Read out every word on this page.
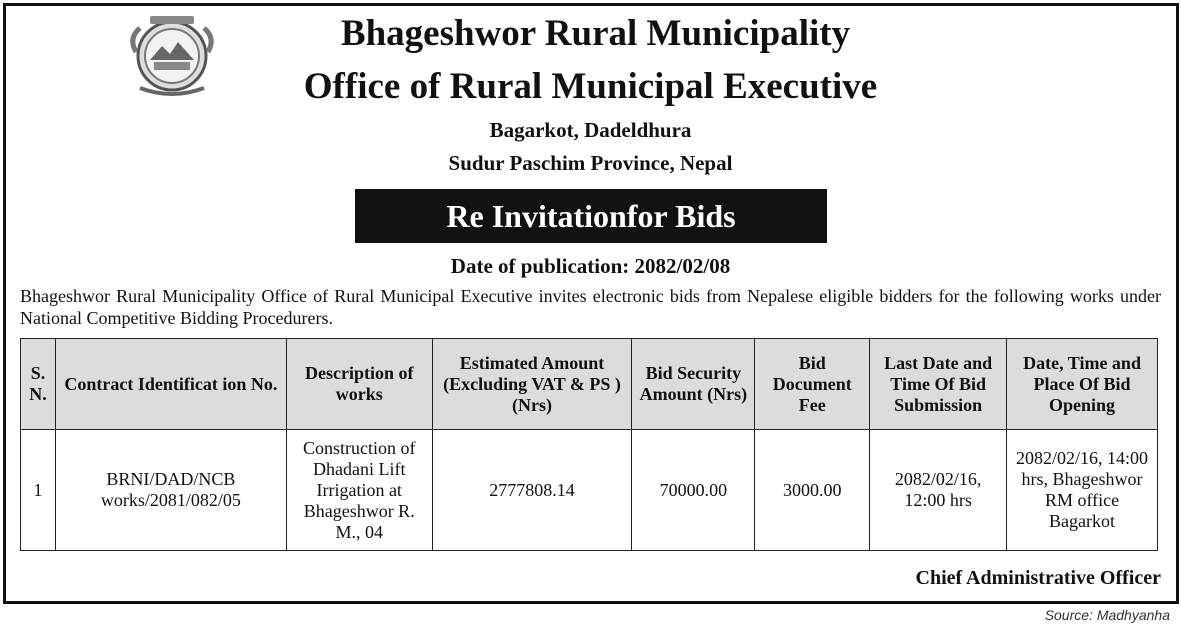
Bhageshwor Rural Municipality
Office of Rural Municipal Executive
Bagarkot, Dadeldhura
Sudur Paschim Province, Nepal
Re Invitationfor Bids
Date of publication: 2082/02/08
Bhageshwor Rural Municipality Office of Rural Municipal Executive invites electronic bids from Nepalese eligible bidders for the following works under National Competitive Bidding Procedurers.
S. N.	Contract Identificat ion No.	Description of works	Estimated Amount (Excluding VAT & PS ) (Nrs)	Bid Security Amount (Nrs)	Bid Document Fee	Last Date and Time Of Bid Submission	Date, Time and Place Of Bid Opening
1	BRNI/DAD/NCB works/2081/082/05	Construction of Dhadani Lift Irrigation at Bhageshwor R. M., 04	2777808.14	70000.00	3000.00	2082/02/16, 12:00 hrs	2082/02/16, 14:00 hrs, Bhageshwor RM office Bagarkot
Chief Administrative Officer
Source: Madhyanha
